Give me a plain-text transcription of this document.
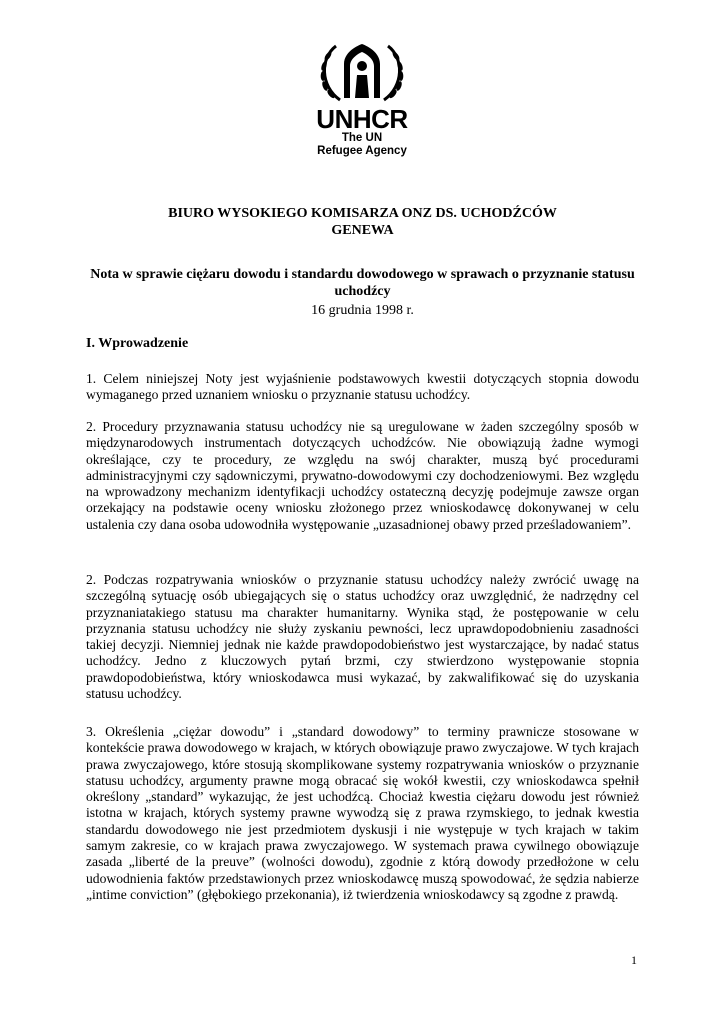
UNHCR
The UN
Refugee Agency
BIURO WYSOKIEGO KOMISARZA ONZ DS. UCHODŹCÓW
GENEWA
Nota w sprawie ciężaru dowodu i standardu dowodowego w sprawach o przyznanie statusu uchodźcy
16 grudnia 1998 r.
I. Wprowadzenie

1. Celem niniejszej Noty jest wyjaśnienie podstawowych kwestii dotyczących stopnia dowodu wymaganego przed uznaniem wniosku o przyznanie statusu uchodźcy.

2. Procedury przyznawania statusu uchodźcy nie są uregulowane w żaden szczególny sposób w międzynarodowych instrumentach dotyczących uchodźców. Nie obowiązują żadne wymogi określające, czy te procedury, ze względu na swój charakter, muszą być procedurami administracyjnymi czy sądowniczymi, prywatno-dowodowymi czy dochodzeniowymi. Bez względu na wprowadzony mechanizm identyfikacji uchodźcy ostateczną decyzję podejmuje zawsze organ orzekający na podstawie oceny wniosku złożonego przez wnioskodawcę dokonywanej w celu ustalenia czy dana osoba udowodniła występowanie „uzasadnionej obawy przed prześladowaniem”.

2. Podczas rozpatrywania wniosków o przyznanie statusu uchodźcy należy zwrócić uwagę na szczególną sytuację osób ubiegających się o status uchodźcy oraz uwzględnić, że nadrzędny cel przyznaniatakiego statusu ma charakter humanitarny. Wynika stąd, że postępowanie w celu przyznania statusu uchodźcy nie służy zyskaniu pewności, lecz uprawdopodobnieniu zasadności takiej decyzji. Niemniej jednak nie każde prawdopodobieństwo jest wystarczające, by nadać status uchodźcy. Jedno z kluczowych pytań brzmi, czy stwierdzono występowanie stopnia prawdopodobieństwa, który wnioskodawca musi wykazać, by zakwalifikować się do uzyskania statusu uchodźcy.

3. Określenia „ciężar dowodu” i „standard dowodowy” to terminy prawnicze stosowane w kontekście prawa dowodowego w krajach, w których obowiązuje prawo zwyczajowe. W tych krajach prawa zwyczajowego, które stosują skomplikowane systemy rozpatrywania wniosków o przyznanie statusu uchodźcy, argumenty prawne mogą obracać się wokół kwestii, czy wnioskodawca spełnił określony „standard” wykazując, że jest uchodźcą. Chociaż kwestia ciężaru dowodu jest również istotna w krajach, których systemy prawne wywodzą się z prawa rzymskiego, to jednak kwestia standardu dowodowego nie jest przedmiotem dyskusji i nie występuje w tych krajach w takim samym zakresie, co w krajach prawa zwyczajowego. W systemach prawa cywilnego obowiązuje zasada „liberté de la preuve” (wolności dowodu), zgodnie z którą dowody przedłożone w celu udowodnienia faktów przedstawionych przez wnioskodawcę muszą spowodować, że sędzia nabierze „intime conviction” (głębokiego przekonania), iż twierdzenia wnioskodawcy są zgodne z prawdą.

1
